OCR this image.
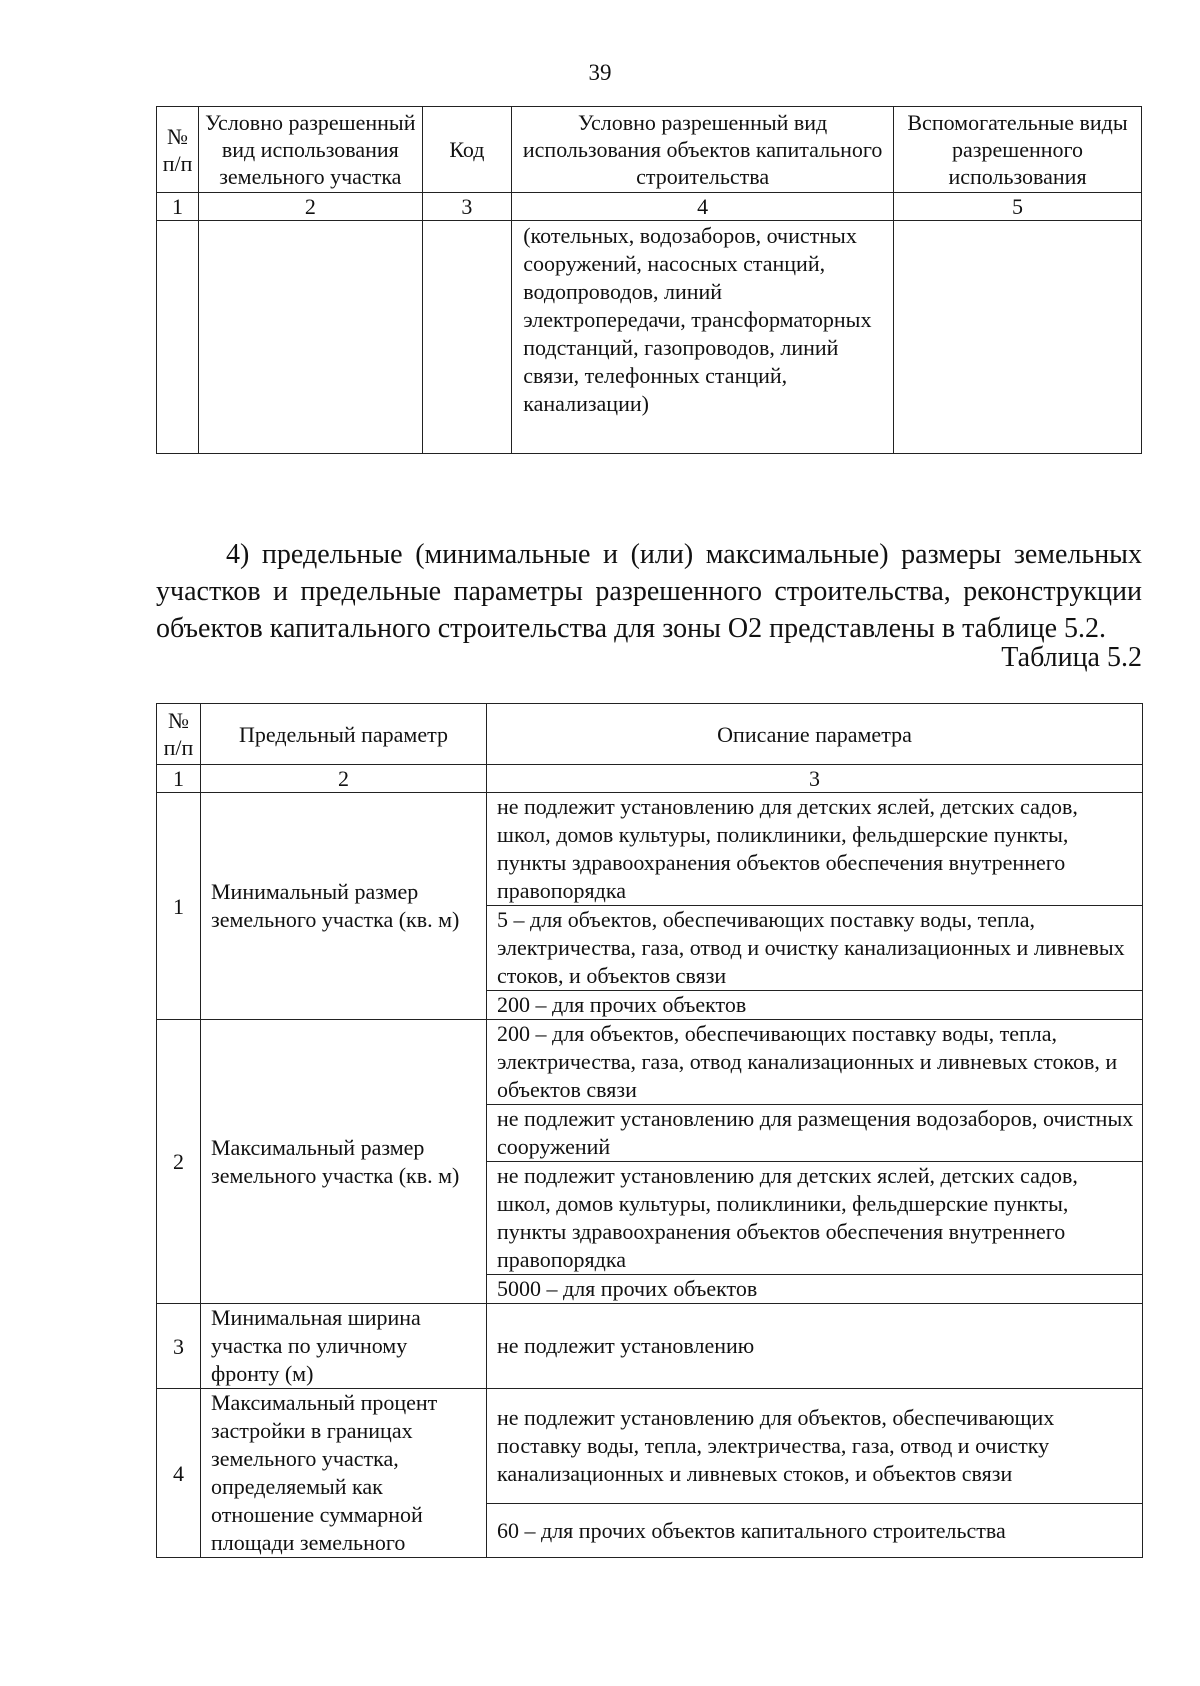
39
№ п/п	Условно разрешенный вид использования земельного участка	Код	Условно разрешенный вид использования объектов капитального строительства	Вспомогательные виды разрешенного использования
1	2	3	4	5
			(котельных, водозаборов, очистных сооружений, насосных станций, водопроводов, линий электропередачи, трансформаторных подстанций, газопроводов, линий связи, телефонных станций, канализации)	

4) предельные (минимальные и (или) максимальные) размеры земельных участков и предельные параметры разрешенного строительства, реконструкции объектов капитального строительства для зоны О2 представлены в таблице 5.2.

Таблица 5.2
№ п/п	Предельный параметр	Описание параметра
1	2	3
1	Минимальный размер земельного участка (кв. м)	не подлежит установлению для детских яслей, детских садов, школ, домов культуры, поликлиники, фельдшерские пункты, пункты здравоохранения объектов обеспечения внутреннего правопорядка
		5 – для объектов, обеспечивающих поставку воды, тепла, электричества, газа, отвод и очистку канализационных и ливневых стоков, и объектов связи
		200 – для прочих объектов
2	Максимальный размер земельного участка (кв. м)	200 – для объектов, обеспечивающих поставку воды, тепла, электричества, газа, отвод канализационных и ливневых стоков, и объектов связи
		не подлежит установлению для размещения водозаборов, очистных сооружений
		не подлежит установлению для детских яслей, детских садов, школ, домов культуры, поликлиники, фельдшерские пункты, пункты здравоохранения объектов обеспечения внутреннего правопорядка
		5000 – для прочих объектов
3	Минимальная ширина участка по уличному фронту (м)	не подлежит установлению
4	Максимальный процент застройки в границах земельного участка, определяемый как отношение суммарной площади земельного	не подлежит установлению для объектов, обеспечивающих поставку воды, тепла, электричества, газа, отвод и очистку канализационных и ливневых стоков, и объектов связи
		60 – для прочих объектов капитального строительства
